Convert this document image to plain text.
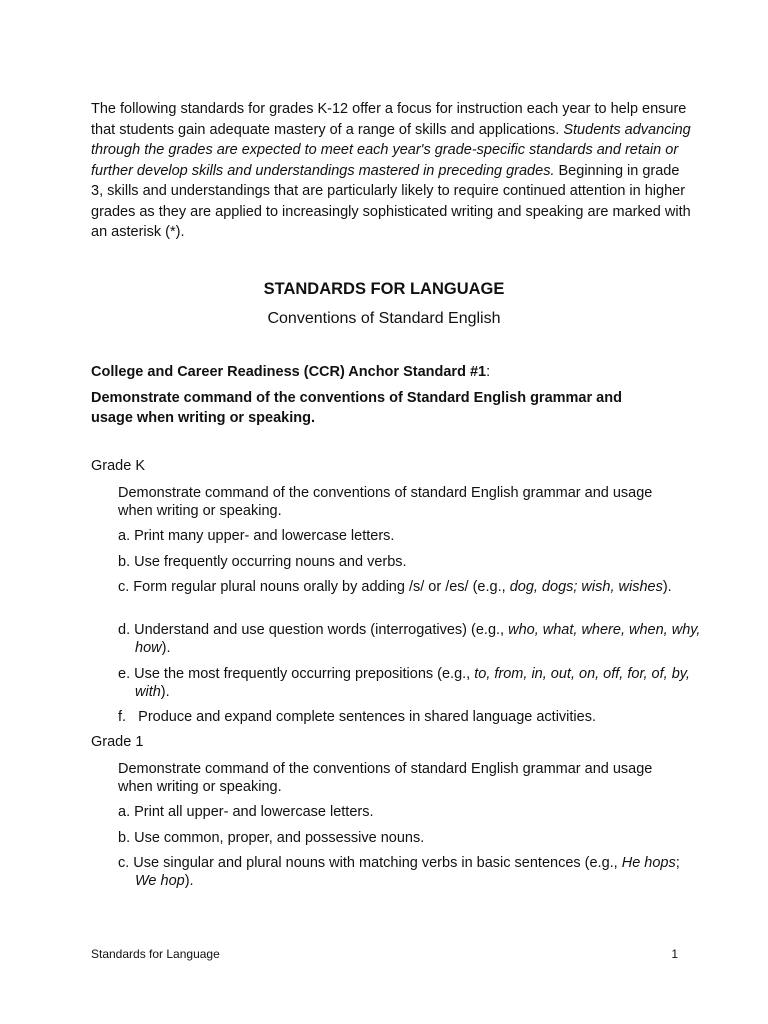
The following standards for grades K-12 offer a focus for instruction each year to help ensure that students gain adequate mastery of a range of skills and applications. Students advancing through the grades are expected to meet each year's grade-specific standards and retain or further develop skills and understandings mastered in preceding grades. Beginning in grade 3, skills and understandings that are particularly likely to require continued attention in higher grades as they are applied to increasingly sophisticated writing and speaking are marked with an asterisk (*).

STANDARDS FOR LANGUAGE
Conventions of Standard English

College and Career Readiness (CCR) Anchor Standard #1:

Demonstrate command of the conventions of Standard English grammar and usage when writing or speaking.

Grade K

Demonstrate command of the conventions of standard English grammar and usage when writing or speaking.

a. Print many upper- and lowercase letters.

b. Use frequently occurring nouns and verbs.

c. Form regular plural nouns orally by adding /s/ or /es/ (e.g., dog, dogs; wish, wishes).

d. Understand and use question words (interrogatives) (e.g., who, what, where, when, why, how).

e. Use the most frequently occurring prepositions (e.g., to, from, in, out, on, off, for, of, by, with).

f.   Produce and expand complete sentences in shared language activities.

Grade 1

Demonstrate command of the conventions of standard English grammar and usage when writing or speaking.

a. Print all upper- and lowercase letters.

b. Use common, proper, and possessive nouns.

c. Use singular and plural nouns with matching verbs in basic sentences (e.g., He hops; We hop).

Standards for Language	1
